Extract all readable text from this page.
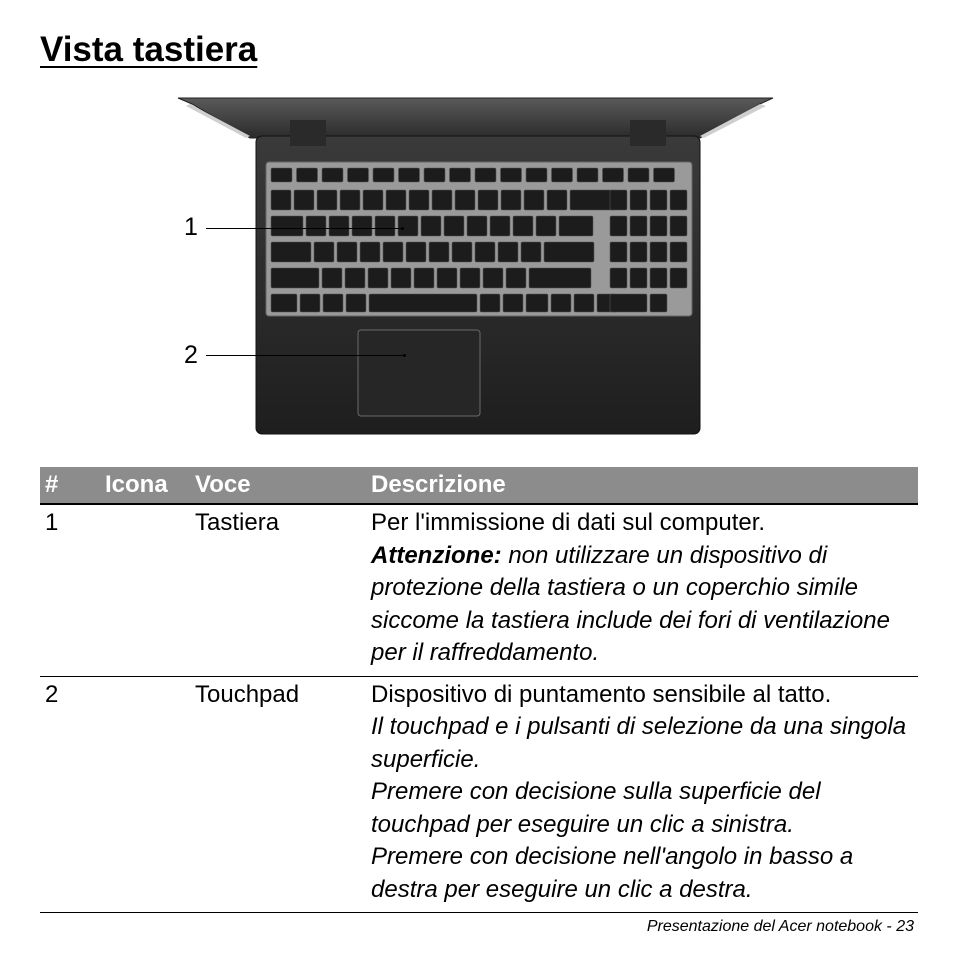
Vista tastiera
1
2
#	Icona	Voce	Descrizione
1		Tastiera	Per l'immissione di dati sul computer.

Attenzione: non utilizzare un dispositivo di protezione della tastiera o un coperchio simile siccome la tastiera include dei fori di ventilazione per il raffreddamento.

2		Touchpad	Dispositivo di puntamento sensibile al tatto.

Il touchpad e i pulsanti di selezione da una singola superficie.

Premere con decisione sulla superficie del touchpad per eseguire un clic a sinistra.

Premere con decisione nell'angolo in basso a destra per eseguire un clic a destra.

Presentazione del Acer notebook - 23
